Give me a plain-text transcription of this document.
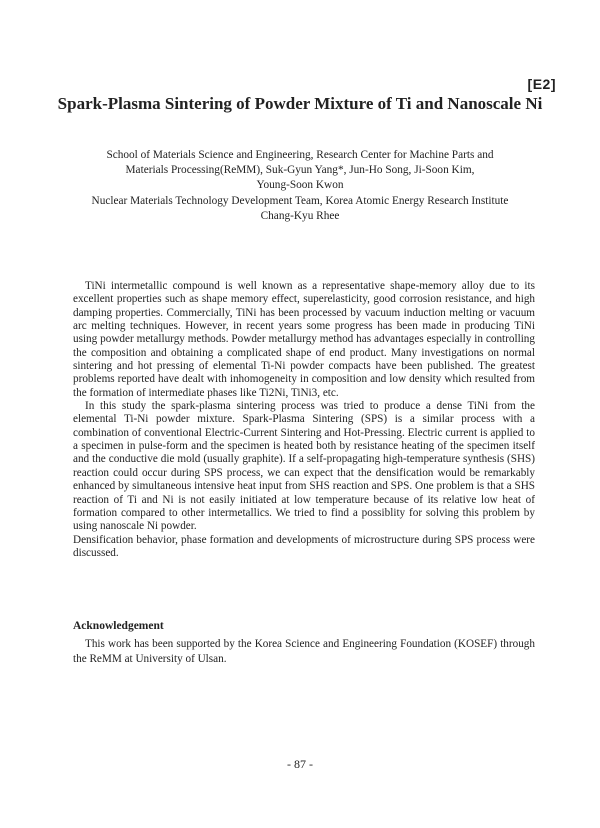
[E2]
Spark-Plasma Sintering of Powder Mixture of Ti and Nanoscale Ni
School of Materials Science and Engineering, Research Center for Machine Parts and
Materials Processing(ReMM), Suk-Gyun Yang*, Jun-Ho Song, Ji-Soon Kim,
Young-Soon Kwon
Nuclear Materials Technology Development Team, Korea Atomic Energy Research Institute
Chang-Kyu Rhee

TiNi intermetallic compound is well known as a representative shape-memory alloy due to its excellent properties such as shape memory effect, superelasticity, good corrosion resistance, and high damping properties. Commercially, TiNi has been processed by vacuum induction melting or vacuum arc melting techniques. However, in recent years some progress has been made in producing TiNi using powder metallurgy methods. Powder metallurgy method has advantages especially in controlling the composition and obtaining a complicated shape of end product. Many investigations on normal sintering and hot pressing of elemental Ti-Ni powder compacts have been published. The greatest problems reported have dealt with inhomogeneity in composition and low density which resulted from the formation of intermediate phases like Ti2Ni, TiNi3, etc.

In this study the spark-plasma sintering process was tried to produce a dense TiNi from the elemental Ti-Ni powder mixture. Spark-Plasma Sintering (SPS) is a similar process with a combination of conventional Electric-Current Sintering and Hot-Pressing. Electric current is applied to a specimen in pulse-form and the specimen is heated both by resistance heating of the specimen itself and the conductive die mold (usually graphite). If a self-propagating high-temperature synthesis (SHS) reaction could occur during SPS process, we can expect that the densification would be remarkably enhanced by simultaneous intensive heat input from SHS reaction and SPS. One problem is that a SHS reaction of Ti and Ni is not easily initiated at low temperature because of its relative low heat of formation compared to other intermetallics. We tried to find a possiblity for solving this problem by using nanoscale Ni powder.

Densification behavior, phase formation and developments of microstructure during SPS process were discussed.

Acknowledgement
This work has been supported by the Korea Science and Engineering Foundation (KOSEF) through the ReMM at University of Ulsan.
- 87 -
